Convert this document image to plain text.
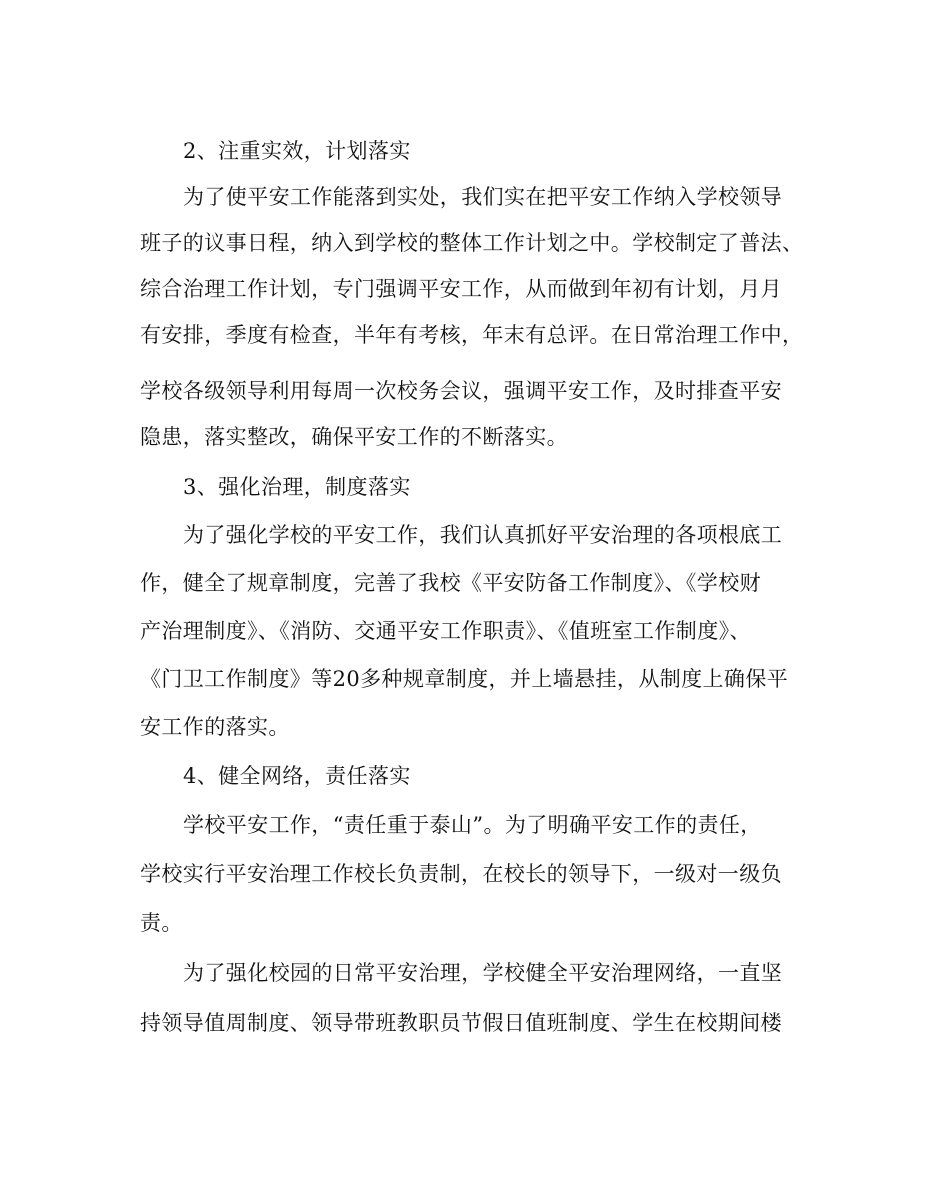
2、注重实效，计划落实

为了使平安工作能落到实处，我们实在把平安工作纳入学校领导

班子的议事日程，纳入到学校的整体工作计划之中。学校制定了普法、

综合治理工作计划，专门强调平安工作，从而做到年初有计划，月月

有安排，季度有检查，半年有考核，年末有总评。在日常治理工作中，

学校各级领导利用每周一次校务会议，强调平安工作，及时排查平安

隐患，落实整改，确保平安工作的不断落实。

3、强化治理，制度落实

为了强化学校的平安工作，我们认真抓好平安治理的各项根底工

作，健全了规章制度，完善了我校《平安防备工作制度》、《学校财

产治理制度》、《消防、交通平安工作职责》、《值班室工作制度》、

《门卫工作制度》等20多种规章制度，并上墙悬挂，从制度上确保平

安工作的落实。

4、健全网络，责任落实

学校平安工作，“责任重于泰山”。为了明确平安工作的责任，

学校实行平安治理工作校长负责制，在校长的领导下，一级对一级负

责。

为了强化校园的日常平安治理，学校健全平安治理网络，一直坚

持领导值周制度、领导带班教职员节假日值班制度、学生在校期间楼
